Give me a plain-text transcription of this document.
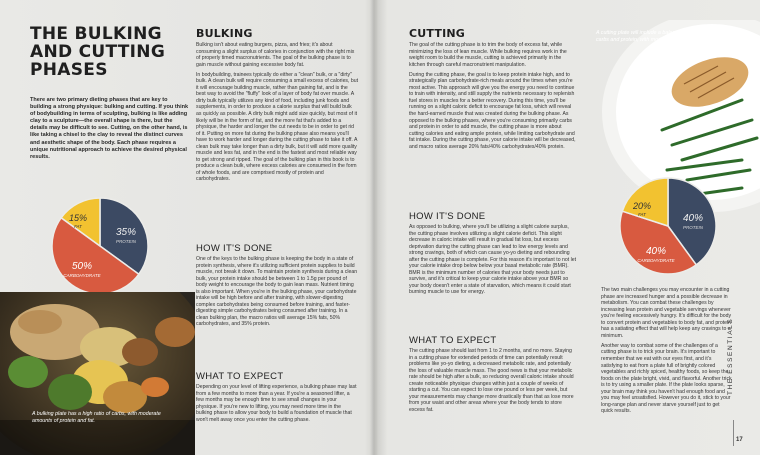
THE BULKING AND CUTTING PHASES

There are two primary dieting phases that are key to building a strong physique: bulking and cutting. If you think of bodybuilding in terms of sculpting, bulking is like adding clay to a sculpture—the overall shape is there, but the details may be difficult to see. Cutting, on the other hand, is like taking a chisel to the clay to reveal the distinct curves and aesthetic shape of the body. Each phase requires a unique nutritional approach to achieve the desired physical results.

35%
PROTEIN
50%
CARBOHYDRATE
15%
FAT

A bulking plate has a high ratio of carbs, with moderate amounts of protein and fat.

BULKING

Bulking isn't about eating burgers, pizza, and fries; it's about consuming a slight surplus of calories in conjunction with the right mix of properly timed macronutrients. The goal of the bulking phase is to gain muscle without gaining excessive body fat.

In bodybuilding, trainees typically do either a "clean" bulk, or a "dirty" bulk. A clean bulk will require consuming a small excess of calories, but it will encourage building muscle, rather than gaining fat, and is the best way to avoid the "fluffy" look of a layer of body fat over muscle. A dirty bulk typically utilizes any kind of food, including junk foods and supplements, in order to produce a calorie surplus that will build bulk as quickly as possible. A dirty bulk might add size quickly, but most of it likely will be in the form of fat, and the more fat that's added to a physique, the harder and longer the cut needs to be in order to get rid of it. Putting on more fat during the bulking phase also means you'll have to work harder and longer during the cutting phase to take it off. A clean bulk may take longer than a dirty bulk, but it will add more quality muscle and less fat, and in the end is the fastest and most reliable way to get strong and ripped. The goal of the bulking plan in this book is to produce a clean bulk, where excess calories are consumed in the form of whole foods, and are comprised mostly of protein and carbohydrates.

HOW IT'S DONE

One of the keys to the bulking phase is keeping the body in a state of protein synthesis, where it's utilizing sufficient protein supplies to build muscle, not break it down. To maintain protein synthesis during a clean bulk, your protein intake should be between 1 to 1.5g per pound of body weight to encourage the body to gain lean mass. Nutrient timing is also important. When you're in the bulking phase, your carbohydrate intake will be high before and after training, with slower-digesting complex carbohydrates being consumed before training, and faster-digesting simple carbohydrates being consumed after training. In a clean bulking plan, the macro ratios will average 15% fats, 50% carbohydrates, and 35% protein.

WHAT TO EXPECT

Depending on your level of lifting experience, a bulking phase may last from a few months to more than a year. If you're a seasoned lifter, a few months may be enough time to see small changes in your physique. If you're new to lifting, you may need more time in the bulking phase to allow your body to build a foundation of muscle that won't melt away once you enter the cutting phase.

CUTTING

The goal of the cutting phase is to trim the body of excess fat, while minimizing the loss of lean muscle. While bulking requires work in the weight room to build the muscle, cutting is achieved primarily in the kitchen through careful macronutrient manipulation.

During the cutting phase, the goal is to keep protein intake high, and to strategically plan carbohydrate-rich meals around the times when you're most active. This approach will give you the energy you need to continue to train with intensity, and still supply the nutrients necessary to replenish fuel stores in muscles for a better recovery. During this time, you'll be running on a slight caloric deficit to encourage fat loss, which will reveal the hard-earned muscle that was created during the bulking phase. As opposed to the bulking phases, where you're consuming primarily carbs and protein in order to add muscle, the cutting phase is more about cutting calories and eating ample protein, while limiting carbohydrate and fat intake. During the cutting phase, your calorie intake will be decreased, and macro ratios average 20% fats/40% carbohydrates/40% protein.

HOW IT'S DONE

As opposed to bulking, where you'll be utilizing a slight calorie surplus, the cutting phase involves utilizing a slight calorie deficit. This slight decrease in caloric intake will result in gradual fat loss, but excess deprivation during the cutting phase can lead to low energy levels and strong cravings, both of which can cause yo-yo dieting and rebounding after the cutting phase is complete. For this reason it's important to not let your calorie intake drop below below your basal metabolic rate (BMR). BMR is the minimum number of calories that your body needs just to survive, and it's critical to keep your calorie intake above your BMR so your body doesn't enter a state of starvation, which means it could start burning muscle to use for energy.

WHAT TO EXPECT

The cutting phase should last from 1 to 2 months, and no more. Staying in a cutting phase for extended periods of time can potentially result problems like yo-yo dieting, a decreased metabolic rate, and potentially the loss of valuable muscle mass. The good news is that your metabolic rate should be high after a bulk, so reducing overall caloric intake should create noticeable physique changes within just a couple of weeks of starting a cut. You can expect to lose one pound or less per week, but your measurements may change more drastically than that as lose more from your waist and other areas where your the body tends to store excess fat.

A cutting plate will include a balanced ratio of carbs and protein, with moderate fat.

40%
PROTEIN
40%
CARBOHYDRATE
20%
FAT

The two main challenges you may encounter in a cutting phase are increased hunger and a possible decrease in metabolism. You can combat these challenges by increasing lean protein and vegetable servings whenever you're feeling excessively hungry. It's difficult for the body to convert protein and vegetables to body fat, and protein has a satiating effect that will help keep any cravings to a minimum.

Another way to combat some of the challenges of a cutting phase is to trick your brain. It's important to remember that we eat with our eyes first, and it's satisfying to eat from a plate full of brightly colored vegetables and richly spiced, healthy foods, so keep the foods on the plate bright, vivid, and flavorful. Another trick is to try using a smaller plate. If the plate looks sparse, your brain may think you haven't had enough food and you may feel unsatisfied. However you do it, stick to your long-range plan and never starve yourself just to get quick results.

THE ESSENTIALS
17
